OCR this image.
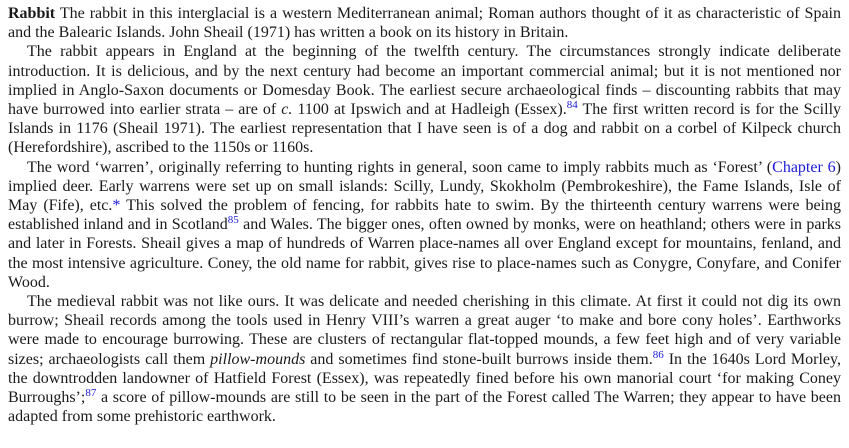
Rabbit The rabbit in this interglacial is a western Mediterranean animal; Roman authors thought of it as characteristic of Spain and the Balearic Islands. John Sheail (1971) has written a book on its history in Britain.

The rabbit appears in England at the beginning of the twelfth century. The circumstances strongly indicate deliberate introduction. It is delicious, and by the next century had become an important commercial animal; but it is not mentioned nor implied in Anglo-Saxon documents or Domesday Book. The earliest secure archaeological finds – discounting rabbits that may have burrowed into earlier strata – are of c. 1100 at Ipswich and at Hadleigh (Essex).$^{84}$ The first written record is for the Scilly Islands in 1176 (Sheail 1971). The earliest representation that I have seen is of a dog and rabbit on a corbel of Kilpeck church (Herefordshire), ascribed to the 1150s or 1160s.

The word ‘warren’, originally referring to hunting rights in general, soon came to imply rabbits much as ‘Forest’ (Chapter 6) implied deer. Early warrens were set up on small islands: Scilly, Lundy, Skokholm (Pembrokeshire), the Fame Islands, Isle of May (Fife), etc.* This solved the problem of fencing, for rabbits hate to swim. By the thirteenth century warrens were being established inland and in Scotland$^{85}$ and Wales. The bigger ones, often owned by monks, were on heathland; others were in parks and later in Forests. Sheail gives a map of hundreds of Warren place-names all over England except for mountains, fenland, and the most intensive agriculture. Coney, the old name for rabbit, gives rise to place-names such as Conygre, Conyfare, and Conifer Wood.

The medieval rabbit was not like ours. It was delicate and needed cherishing in this climate. At first it could not dig its own burrow; Sheail records among the tools used in Henry VIII’s warren a great auger ‘to make and bore cony holes’. Earthworks were made to encourage burrowing. These are clusters of rectangular flat-topped mounds, a few feet high and of very variable sizes; archaeologists call them pillow-mounds and sometimes find stone-built burrows inside them.$^{86}$ In the 1640s Lord Morley, the downtrodden landowner of Hatfield Forest (Essex), was repeatedly fined before his own manorial court ‘for making Coney Burroughs’;$^{87}$ a score of pillow-mounds are still to be seen in the part of the Forest called The Warren; they appear to have been adapted from some prehistoric earthwork.
